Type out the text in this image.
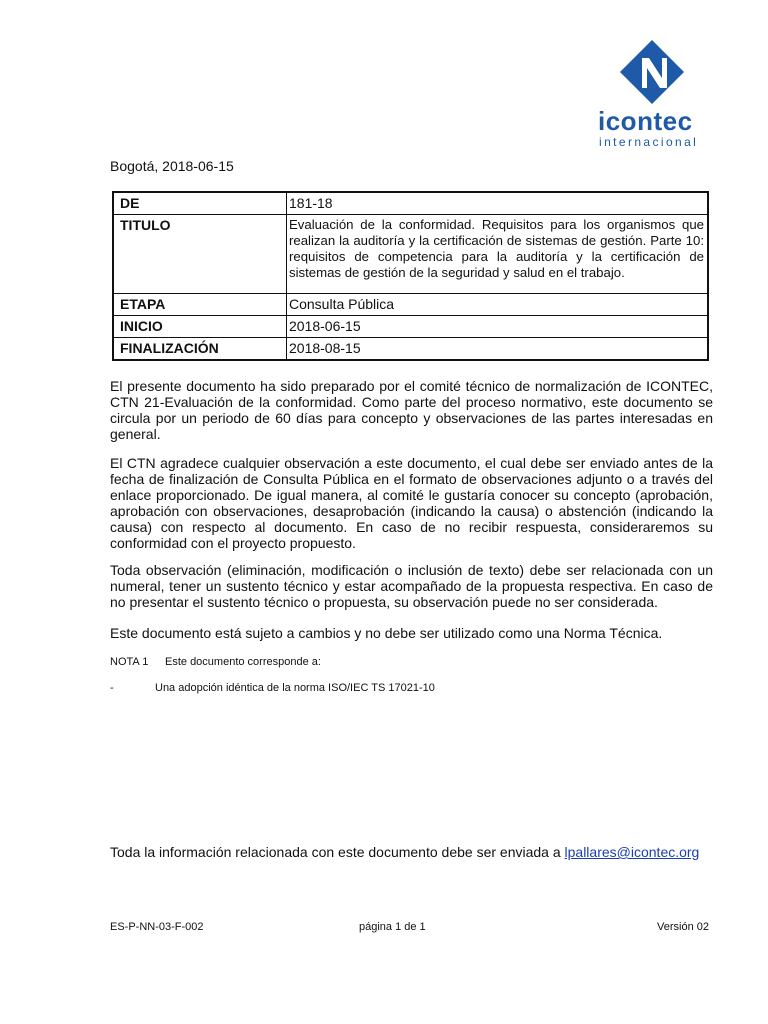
icontec
internacional
Bogotá, 2018-06-15
DE	181-18
TITULO	Evaluación de la conformidad. Requisitos para los organismos que realizan la auditoría y la certificación de sistemas de gestión. Parte 10: requisitos de competencia para la auditoría y la certificación de sistemas de gestión de la seguridad y salud en el trabajo.
ETAPA	Consulta Pública
INICIO	2018-06-15
FINALIZACIÓN	2018-08-15
El presente documento ha sido preparado por el comité técnico de normalización de ICONTEC, CTN 21-Evaluación de la conformidad. Como parte del proceso normativo, este documento se circula por un periodo de 60 días para concepto y observaciones de las partes interesadas en general.
El CTN agradece cualquier observación a este documento, el cual debe ser enviado antes de la fecha de finalización de Consulta Pública en el formato de observaciones adjunto o a través del enlace proporcionado. De igual manera, al comité le gustaría conocer su concepto (aprobación, aprobación con observaciones, desaprobación (indicando la causa) o abstención (indicando la causa) con respecto al documento. En caso de no recibir respuesta, consideraremos su conformidad con el proyecto propuesto.
Toda observación (eliminación, modificación o inclusión de texto) debe ser relacionada con un numeral, tener un sustento técnico y estar acompañado de la propuesta respectiva. En caso de no presentar el sustento técnico o propuesta, su observación puede no ser considerada.
Este documento está sujeto a cambios y no debe ser utilizado como una Norma Técnica.
NOTA 1 Este documento corresponde a:
-	Una adopción idéntica de la norma ISO/IEC TS 17021-10
Toda la información relacionada con este documento debe ser enviada a lpallares@icontec.org
ES-P-NN-03-F-002	página 1 de 1	Versión 02
